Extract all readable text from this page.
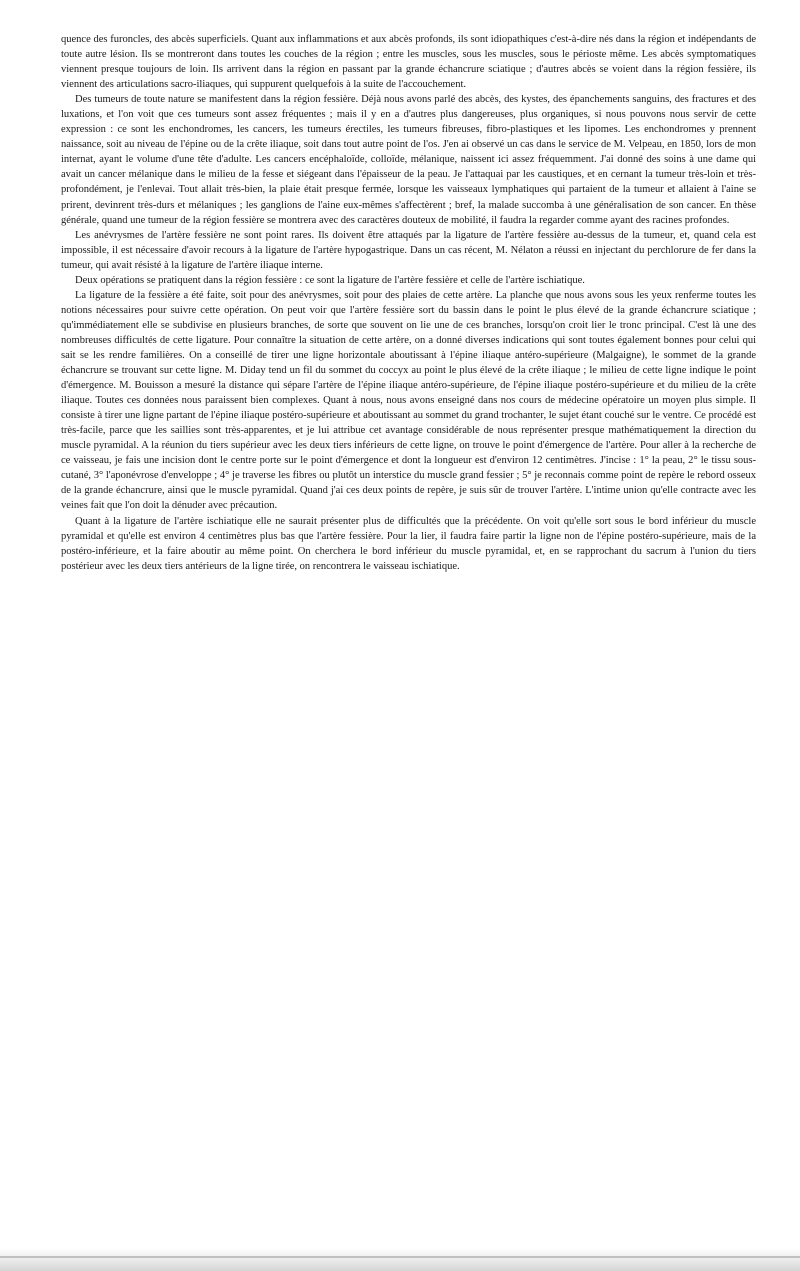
quence des furoncles, des abcès superficiels. Quant aux inflammations et aux abcès profonds, ils sont idiopathiques c'est-à-dire nés dans la région et indépendants de toute autre lésion. Ils se montreront dans toutes les couches de la région ; entre les muscles, sous les muscles, sous le périoste même. Les abcès symptomatiques viennent presque toujours de loin. Ils arrivent dans la région en passant par la grande échancrure sciatique ; d'autres abcès se voient dans la région fessière, ils viennent des articulations sacro-iliaques, qui suppurent quelquefois à la suite de l'accouchement.

Des tumeurs de toute nature se manifestent dans la région fessière. Déjà nous avons parlé des abcès, des kystes, des épanchements sanguins, des fractures et des luxations, et l'on voit que ces tumeurs sont assez fréquentes ; mais il y en a d'autres plus dangereuses, plus organiques, si nous pouvons nous servir de cette expression : ce sont les enchondromes, les cancers, les tumeurs érectiles, les tumeurs fibreuses, fibro-plastiques et les lipomes. Les enchondromes y prennent naissance, soit au niveau de l'épine ou de la crête iliaque, soit dans tout autre point de l'os. J'en ai observé un cas dans le service de M. Velpeau, en 1850, lors de mon internat, ayant le volume d'une tête d'adulte. Les cancers encéphaloïde, colloïde, mélanique, naissent ici assez fréquemment. J'ai donné des soins à une dame qui avait un cancer mélanique dans le milieu de la fesse et siégeant dans l'épaisseur de la peau. Je l'attaquai par les caustiques, et en cernant la tumeur très-loin et très-profondément, je l'enlevai. Tout allait très-bien, la plaie était presque fermée, lorsque les vaisseaux lymphatiques qui partaient de la tumeur et allaient à l'aine se prirent, devinrent très-durs et mélaniques ; les ganglions de l'aine eux-mêmes s'affectèrent ; bref, la malade succomba à une généralisation de son cancer. En thèse générale, quand une tumeur de la région fessière se montrera avec des caractères douteux de mobilité, il faudra la regarder comme ayant des racines profondes.

Les anévrysmes de l'artère fessière ne sont point rares. Ils doivent être attaqués par la ligature de l'artère fessière au-dessus de la tumeur, et, quand cela est impossible, il est nécessaire d'avoir recours à la ligature de l'artère hypogastrique. Dans un cas récent, M. Nélaton a réussi en injectant du perchlorure de fer dans la tumeur, qui avait résisté à la ligature de l'artère iliaque interne.

Deux opérations se pratiquent dans la région fessière : ce sont la ligature de l'artère fessière et celle de l'artère ischiatique.

La ligature de la fessière a été faite, soit pour des anévrysmes, soit pour des plaies de cette artère. La planche que nous avons sous les yeux renferme toutes les notions nécessaires pour suivre cette opération. On peut voir que l'artère fessière sort du bassin dans le point le plus élevé de la grande échancrure sciatique ; qu'immédiatement elle se subdivise en plusieurs branches, de sorte que souvent on lie une de ces branches, lorsqu'on croit lier le tronc principal. C'est là une des nombreuses difficultés de cette ligature. Pour connaître la situation de cette artère, on a donné diverses indications qui sont toutes également bonnes pour celui qui sait se les rendre familières. On a conseillé de tirer une ligne horizontale aboutissant à l'épine iliaque antéro-supérieure (Malgaigne), le sommet de la grande échancrure se trouvant sur cette ligne. M. Diday tend un fil du sommet du coccyx au point le plus élevé de la crête iliaque ; le milieu de cette ligne indique le point d'émergence. M. Bouisson a mesuré la distance qui sépare l'artère de l'épine iliaque antéro-supérieure, de l'épine iliaque postéro-supérieure et du milieu de la crête iliaque. Toutes ces données nous paraissent bien complexes. Quant à nous, nous avons enseigné dans nos cours de médecine opératoire un moyen plus simple. Il consiste à tirer une ligne partant de l'épine iliaque postéro-supérieure et aboutissant au sommet du grand trochanter, le sujet étant couché sur le ventre. Ce procédé est très-facile, parce que les saillies sont très-apparentes, et je lui attribue cet avantage considérable de nous représenter presque mathématiquement la direction du muscle pyramidal. A la réunion du tiers supérieur avec les deux tiers inférieurs de cette ligne, on trouve le point d'émergence de l'artère. Pour aller à la recherche de ce vaisseau, je fais une incision dont le centre porte sur le point d'émergence et dont la longueur est d'environ 12 centimètres. J'incise : 1° la peau, 2° le tissu sous-cutané, 3° l'aponévrose d'enveloppe ; 4° je traverse les fibres ou plutôt un interstice du muscle grand fessier ; 5° je reconnais comme point de repère le rebord osseux de la grande échancrure, ainsi que le muscle pyramidal. Quand j'ai ces deux points de repère, je suis sûr de trouver l'artère. L'intime union qu'elle contracte avec les veines fait que l'on doit la dénuder avec précaution.

Quant à la ligature de l'artère ischiatique elle ne saurait présenter plus de difficultés que la précédente. On voit qu'elle sort sous le bord inférieur du muscle pyramidal et qu'elle est environ 4 centimètres plus bas que l'artère fessière. Pour la lier, il faudra faire partir la ligne non de l'épine postéro-supérieure, mais de la postéro-inférieure, et la faire aboutir au même point. On cherchera le bord inférieur du muscle pyramidal, et, en se rapprochant du sacrum à l'union du tiers postérieur avec les deux tiers antérieurs de la ligne tirée, on rencontrera le vaisseau ischiatique.
